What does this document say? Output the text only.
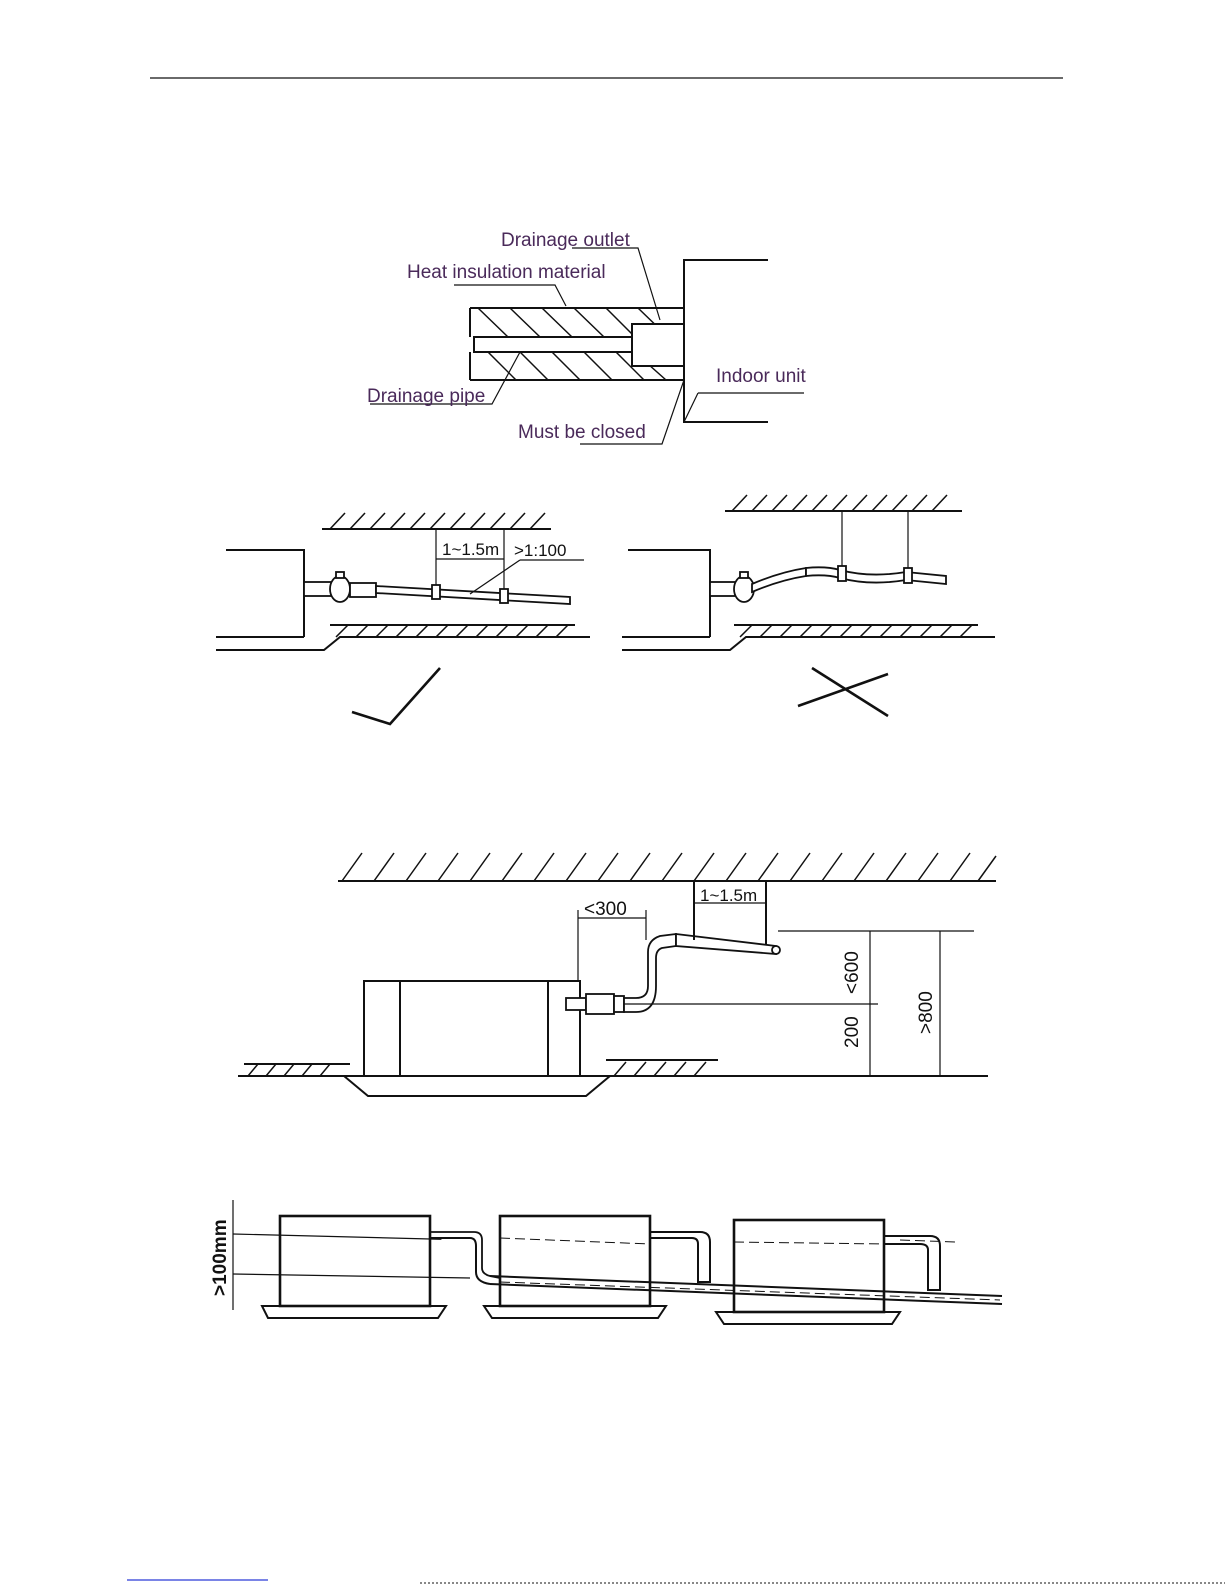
Drainage outlet
Heat insulation material
Indoor unit
Drainage pipe
Must be closed
1~1.5m >1:100
<300
1~1.5m
<600
200	>800
>100mm
